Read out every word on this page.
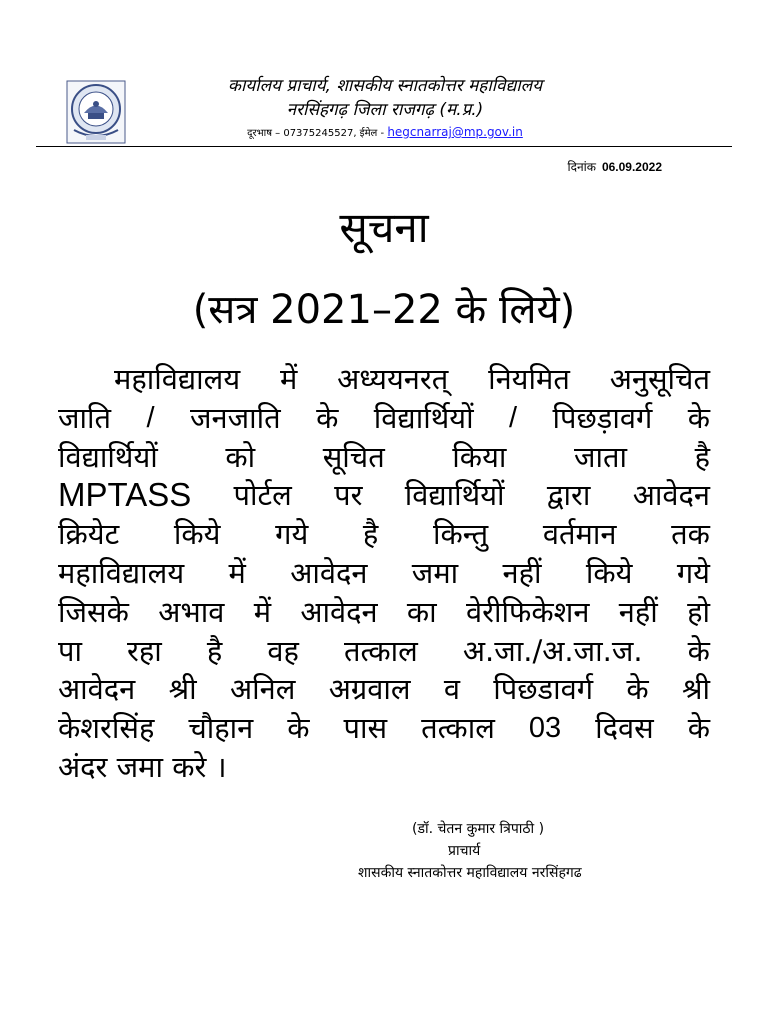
कार्यालय प्राचार्य, शासकीय स्नातकोत्तर महाविद्यालय
नरसिंहगढ़ जिला राजगढ़ (म.प्र.)
दूरभाष – 07375245527, ईमेल - hegcnarraj@mp.gov.in
दिनांक 06.09.2022
सूचना
(सत्र 2021–22 के लिये)
महाविद्यालय में अध्ययनरत् नियमित अनुसूचित
जाति / जनजाति के विद्यार्थियों / पिछड़ावर्ग के
विद्यार्थियों को सूचित किया जाता है
MPTASS पोर्टल पर विद्यार्थियों द्वारा आवेदन
क्रियेट किये गये है किन्तु वर्तमान तक
महाविद्यालय में आवेदन जमा नहीं किये गये
जिसके अभाव में आवेदन का वेरीफिकेशन नहीं हो
पा रहा है वह तत्काल अ.जा./अ.जा.ज. के
आवेदन श्री अनिल अग्रवाल व पिछडावर्ग के श्री
केशरसिंह चौहान के पास तत्काल 03 दिवस के
अंदर जमा करे ।
(डॉ. चेतन कुमार त्रिपाठी )
प्राचार्य
शासकीय स्नातकोत्तर महाविद्यालय नरसिंहगढ
